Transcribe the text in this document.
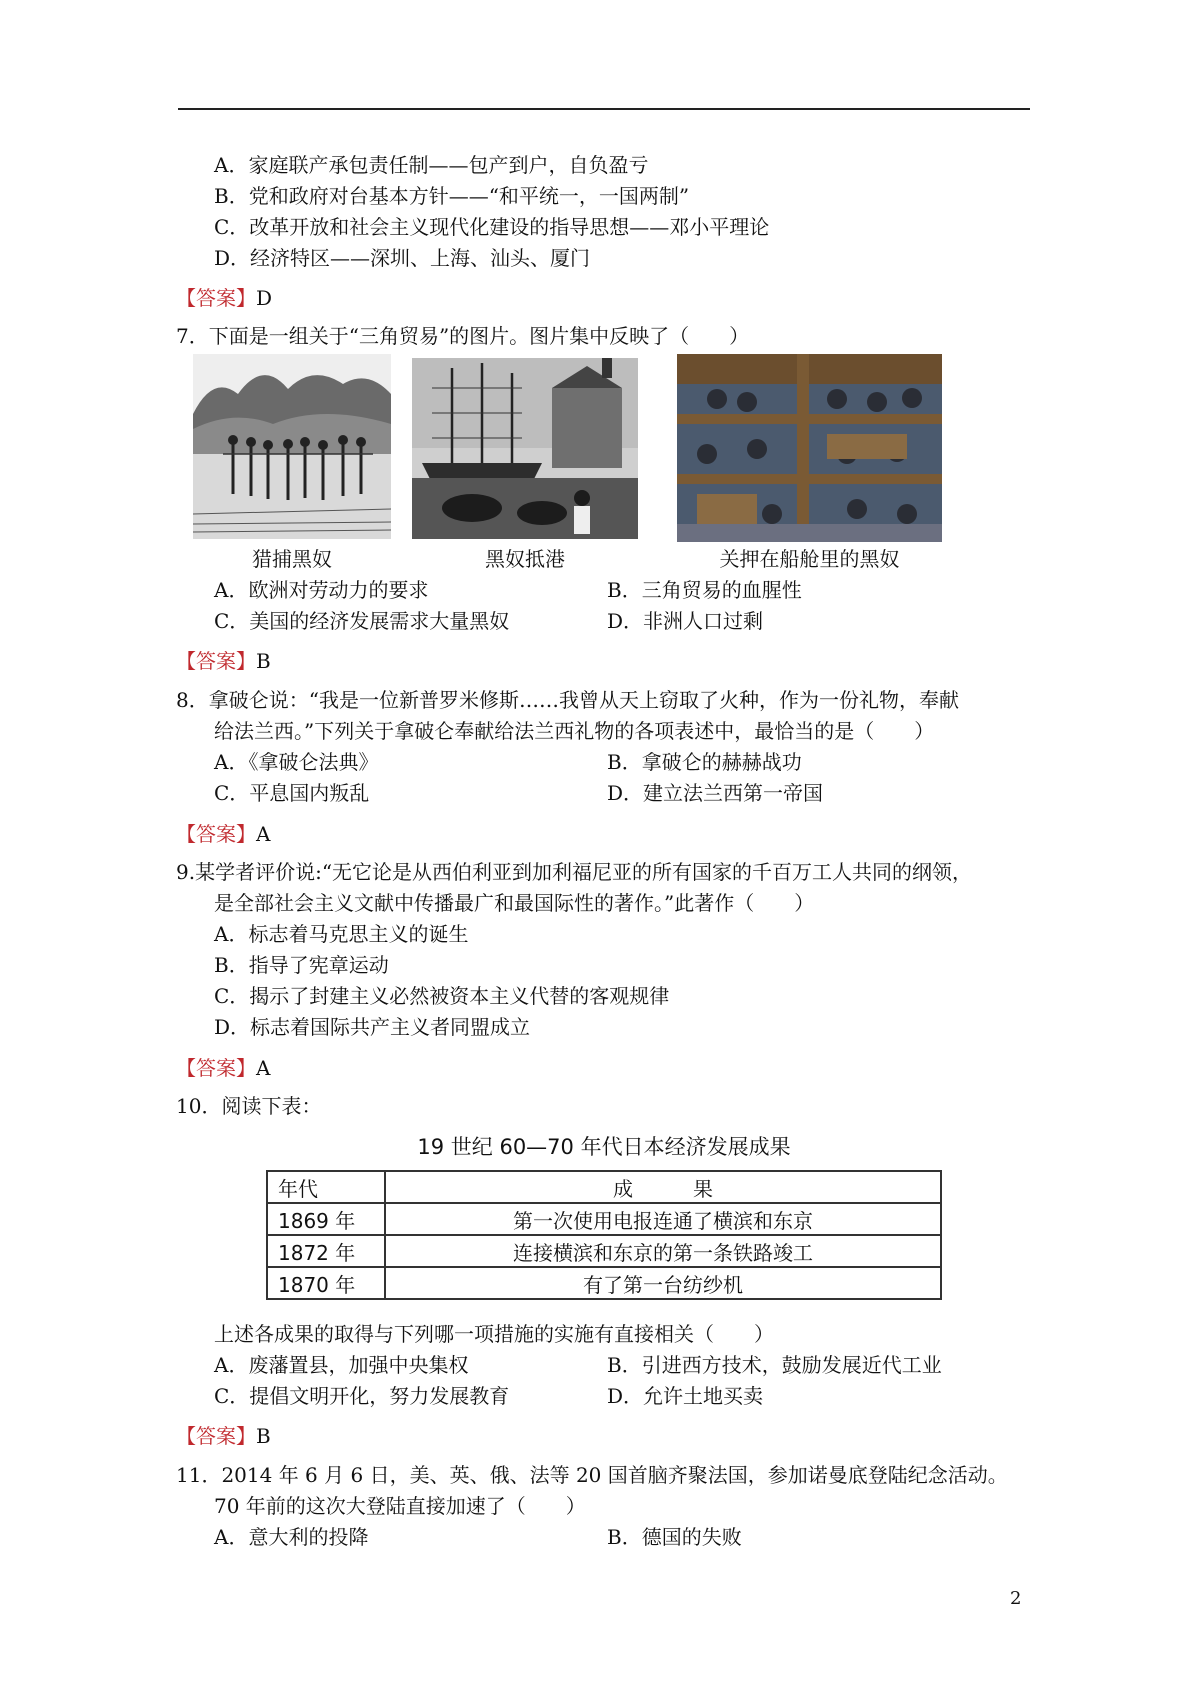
A．家庭联产承包责任制——包产到户，自负盈亏
B．党和政府对台基本方针——“和平统一，一国两制”
C．改革开放和社会主义现代化建设的指导思想——邓小平理论
D．经济特区——深圳、上海、汕头、厦门
【答案】D
7．下面是一组关于“三角贸易”的图片。图片集中反映了（　　）
猎捕黑奴	黑奴抵港	关押在船舱里的黑奴
A．欧洲对劳动力的要求	B．三角贸易的血腥性
C．美国的经济发展需求大量黑奴	D．非洲人口过剩
【答案】B
8．拿破仑说：“我是一位新普罗米修斯……我曾从天上窃取了火种，作为一份礼物，奉献
给法兰西。”下列关于拿破仑奉献给法兰西礼物的各项表述中，最恰当的是（　　）
A．《拿破仑法典》	B．拿破仑的赫赫战功
C．平息国内叛乱	D．建立法兰西第一帝国
【答案】A
9.某学者评价说:“无它论是从西伯利亚到加利福尼亚的所有国家的千百万工人共同的纲领，
是全部社会主义文献中传播最广和最国际性的著作。”此著作（　　）
A．标志着马克思主义的诞生
B．指导了宪章运动
C．揭示了封建主义必然被资本主义代替的客观规律
D．标志着国际共产主义者同盟成立
【答案】A
10．阅读下表：
19 世纪 60—70 年代日本经济发展成果
年代	成　　　果
1869 年	第一次使用电报连通了横滨和东京
1872 年	连接横滨和东京的第一条铁路竣工
1870 年	有了第一台纺纱机
上述各成果的取得与下列哪一项措施的实施有直接相关（　　）
A．废藩置县，加强中央集权	B．引进西方技术，鼓励发展近代工业
C．提倡文明开化，努力发展教育	D．允许土地买卖
【答案】B
11．2014 年 6 月 6 日，美、英、俄、法等 20 国首脑齐聚法国，参加诺曼底登陆纪念活动。
70 年前的这次大登陆直接加速了（　　）
A．意大利的投降	B．德国的失败
2
